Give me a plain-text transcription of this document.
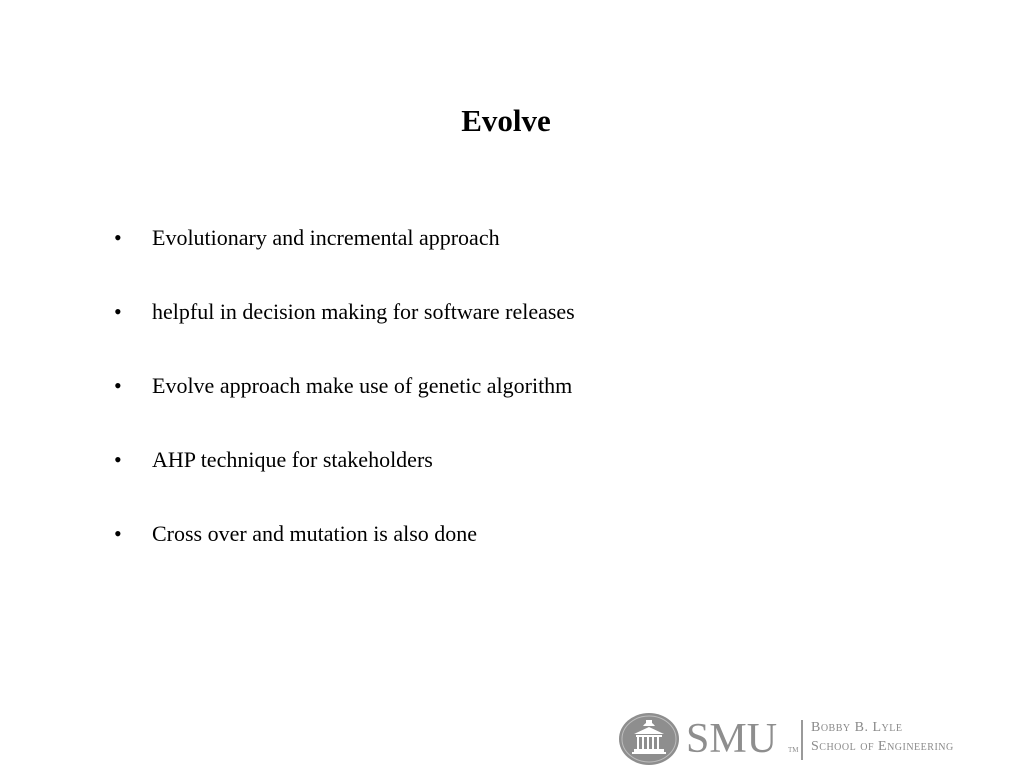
Evolve
• Evolutionary and incremental approach
• helpful in decision making for software releases
• Evolve approach make use of genetic algorithm
• AHP technique for stakeholders
• Cross over and mutation is also done
SMU TM
Bobby B. Lyle
School of Engineering
